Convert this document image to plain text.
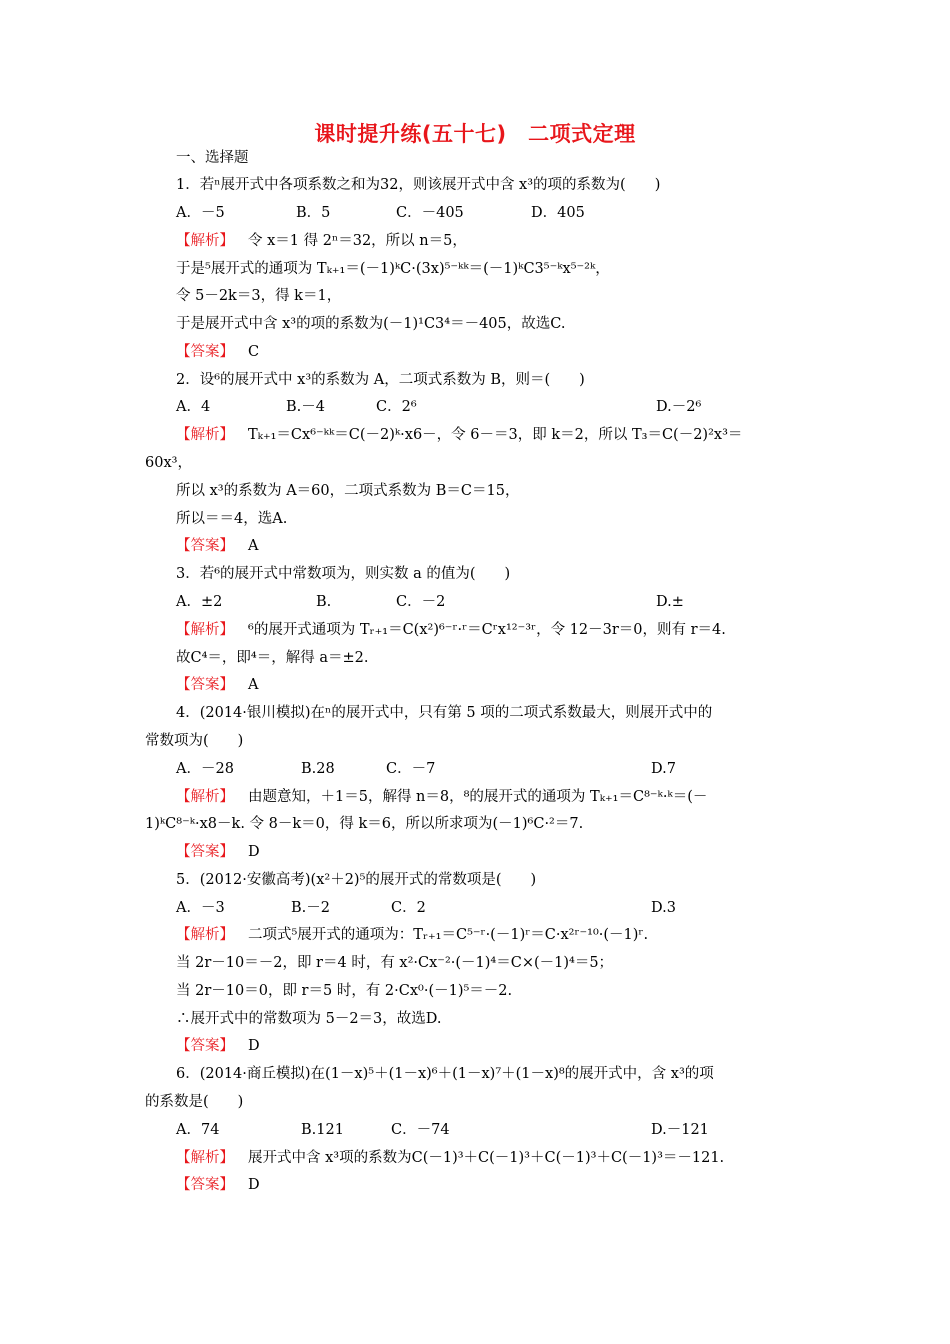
课时提升练(五十七)　二项式定理
一、选择题
1．若ⁿ展开式中各项系数之和为32，则该展开式中含 x³的项的系数为(　　)
A．－5	B．5	C．－405	D．405
【解析】 令 x＝1 得 2ⁿ＝32，所以 n＝5，
于是⁵展开式的通项为 Tₖ₊₁＝(－1)ᵏC·(3x)⁵⁻ᵏᵏ＝(－1)ᵏC3⁵⁻ᵏx⁵⁻²ᵏ，
令 5－2k＝3，得 k＝1，
于是展开式中含 x³的项的系数为(－1)¹C3⁴＝－405，故选C.
【答案】 C
2．设⁶的展开式中 x³的系数为 A，二项式系数为 B，则＝(　　)
A．4	B.－4	C．2⁶	D.－2⁶
【解析】 Tₖ₊₁＝Cx⁶⁻ᵏᵏ＝C(－2)ᵏ·x6－，令 6－＝3，即 k＝2，所以 T₃＝C(－2)²x³＝
60x³，
所以 x³的系数为 A＝60，二项式系数为 B＝C＝15，
所以＝＝4，选A.
【答案】 A
3．若⁶的展开式中常数项为，则实数 a 的值为(　　)
A．±2	B.	C．－2	D.±
【解析】 ⁶的展开式通项为 Tᵣ₊₁＝C(x²)⁶⁻ʳ·ʳ＝Cʳx¹²⁻³ʳ，令 12－3r＝0，则有 r＝4.
故C⁴＝，即⁴＝，解得 a＝±2.
【答案】 A
4．(2014·银川模拟)在ⁿ的展开式中，只有第 5 项的二项式系数最大，则展开式中的
常数项为(　　)
A．－28	B.28	C．－7	D.7
【解析】 由题意知，＋1＝5，解得 n＝8，⁸的展开式的通项为 Tₖ₊₁＝C⁸⁻ᵏ·ᵏ＝(－
1)ᵏC⁸⁻ᵏ·x8－k. 令 8－k＝0，得 k＝6，所以所求项为(－1)⁶C·²＝7.
【答案】 D
5．(2012·安徽高考)(x²＋2)⁵的展开式的常数项是(　　)
A．－3	B.－2	C．2	D.3
【解析】 二项式⁵展开式的通项为：Tᵣ₊₁＝C⁵⁻ʳ·(－1)ʳ＝C·x²ʳ⁻¹⁰·(－1)ʳ.
当 2r－10＝－2，即 r＝4 时，有 x²·Cx⁻²·(－1)⁴＝C×(－1)⁴＝5；
当 2r－10＝0，即 r＝5 时，有 2·Cx⁰·(－1)⁵＝－2.
∴展开式中的常数项为 5－2＝3，故选D.
【答案】 D
6．(2014·商丘模拟)在(1－x)⁵＋(1－x)⁶＋(1－x)⁷＋(1－x)⁸的展开式中，含 x³的项
的系数是(　　)
A．74	B.121	C．－74	D.－121
【解析】 展开式中含 x³项的系数为C(－1)³＋C(－1)³＋C(－1)³＋C(－1)³＝－121.
【答案】 D
